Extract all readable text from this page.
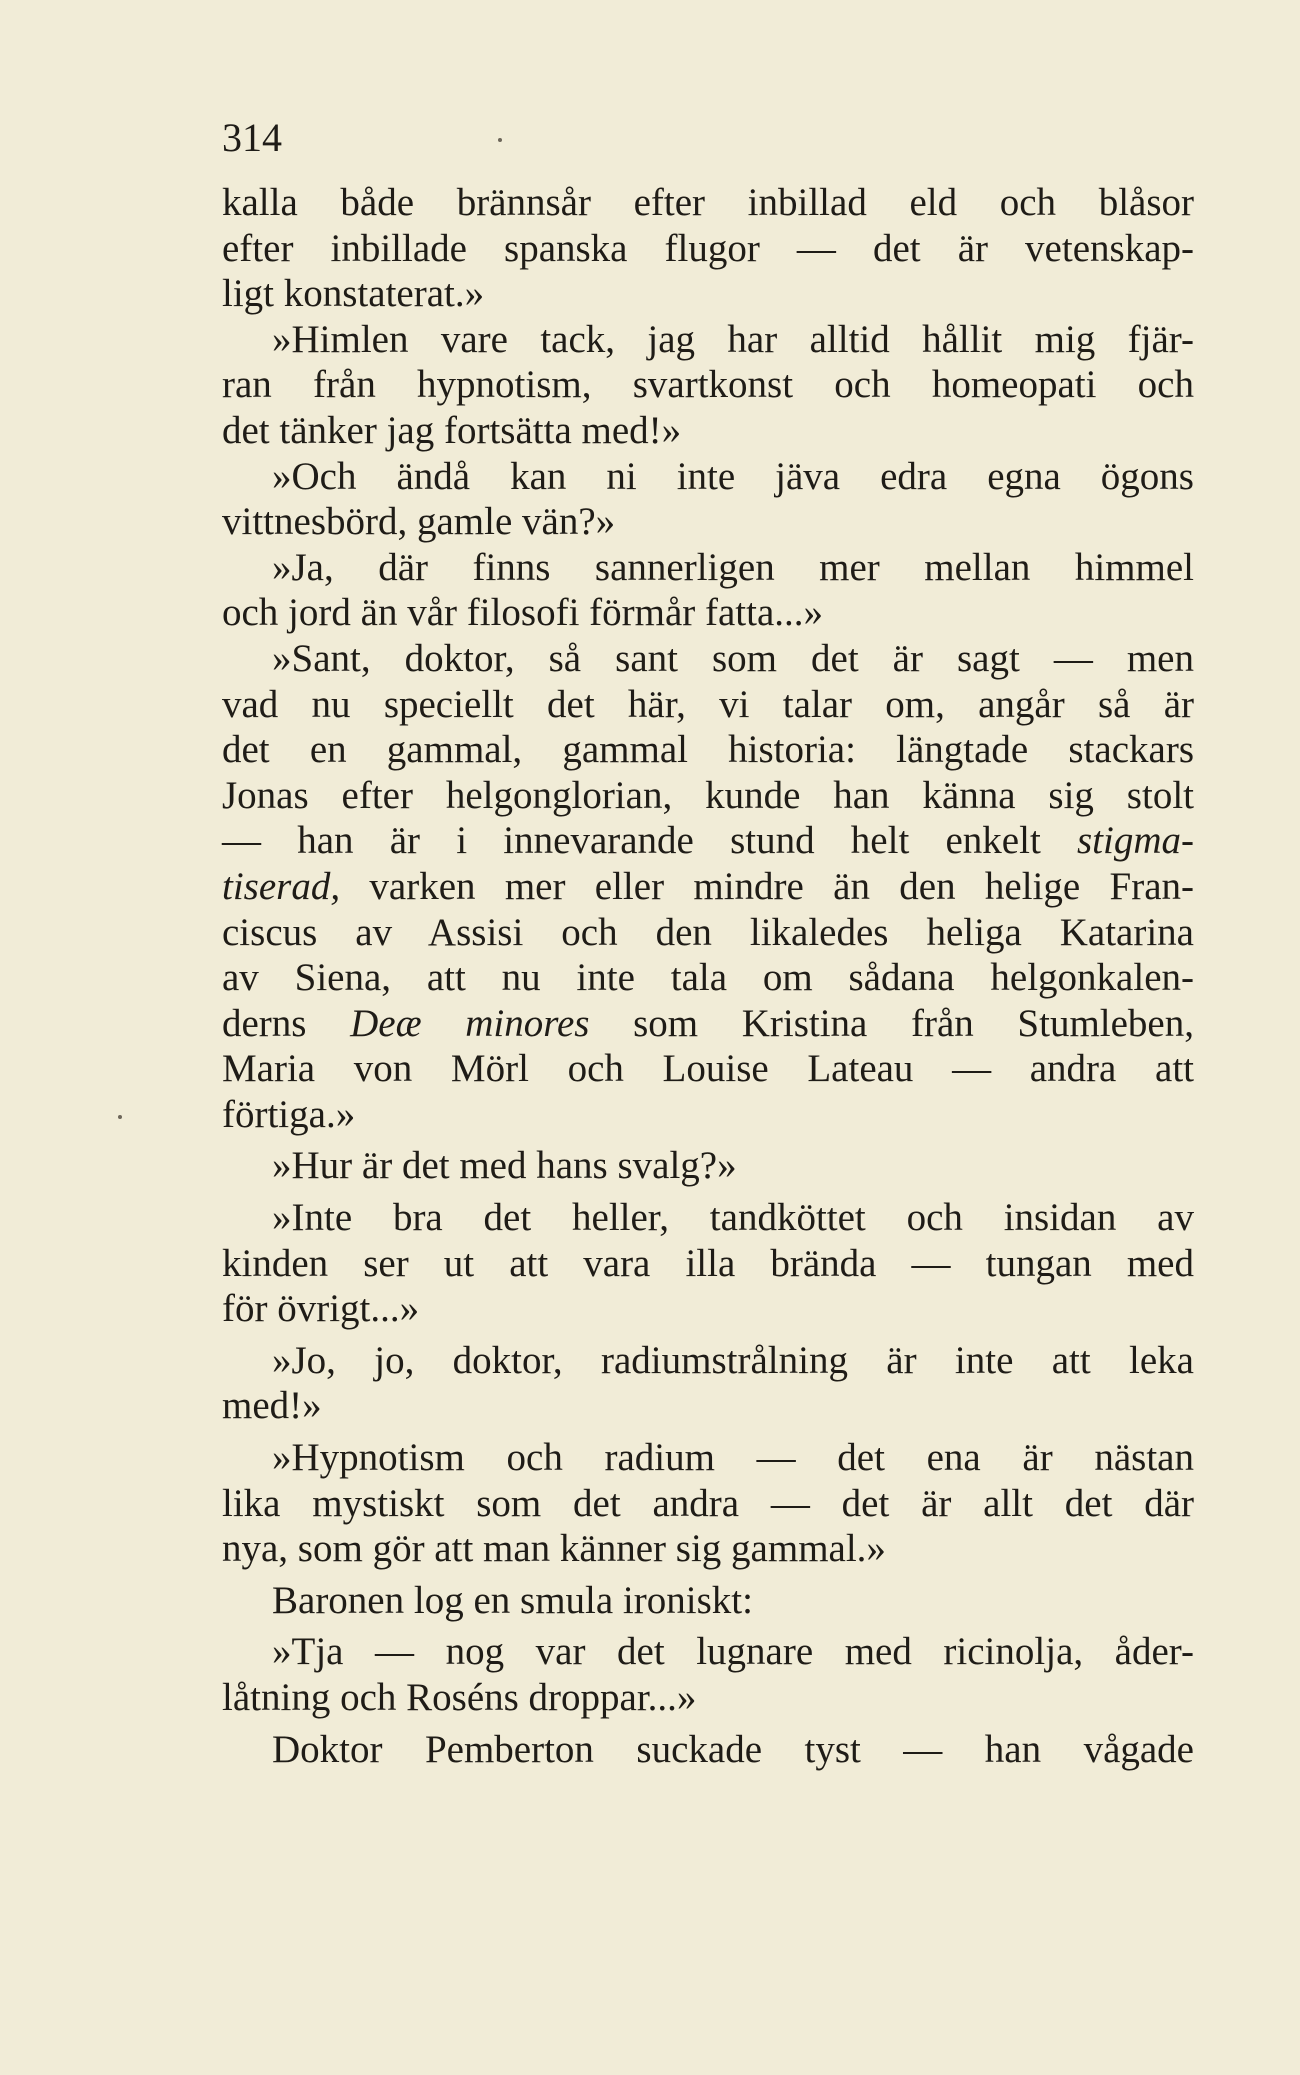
314
kalla både brännsår efter inbillad eld och blåsor
efter inbillade spanska flugor — det är vetenskap-
ligt konstaterat.»
»Himlen vare tack, jag har alltid hållit mig fjär-
ran från hypnotism, svartkonst och homeopati och
det tänker jag fortsätta med!»
»Och ändå kan ni inte jäva edra egna ögons
vittnesbörd, gamle vän?»
»Ja, där finns sannerligen mer mellan himmel
och jord än vår filosofi förmår fatta...»
»Sant, doktor, så sant som det är sagt — men
vad nu speciellt det här, vi talar om, angår så är
det en gammal, gammal historia: längtade stackars
Jonas efter helgonglorian, kunde han känna sig stolt
— han är i innevarande stund helt enkelt stigma-
tiserad, varken mer eller mindre än den helige Fran-
ciscus av Assisi och den likaledes heliga Katarina
av Siena, att nu inte tala om sådana helgonkalen-
derns Deæ minores som Kristina från Stumleben,
Maria von Mörl och Louise Lateau — andra att
förtiga.»
»Hur är det med hans svalg?»
»Inte bra det heller, tandköttet och insidan av
kinden ser ut att vara illa brända — tungan med
för övrigt...»
»Jo, jo, doktor, radiumstrålning är inte att leka
med!»
»Hypnotism och radium — det ena är nästan
lika mystiskt som det andra — det är allt det där
nya, som gör att man känner sig gammal.»
Baronen log en smula ironiskt:
»Tja — nog var det lugnare med ricinolja, åder-
låtning och Roséns droppar...»
Doktor Pemberton suckade tyst — han vågade
